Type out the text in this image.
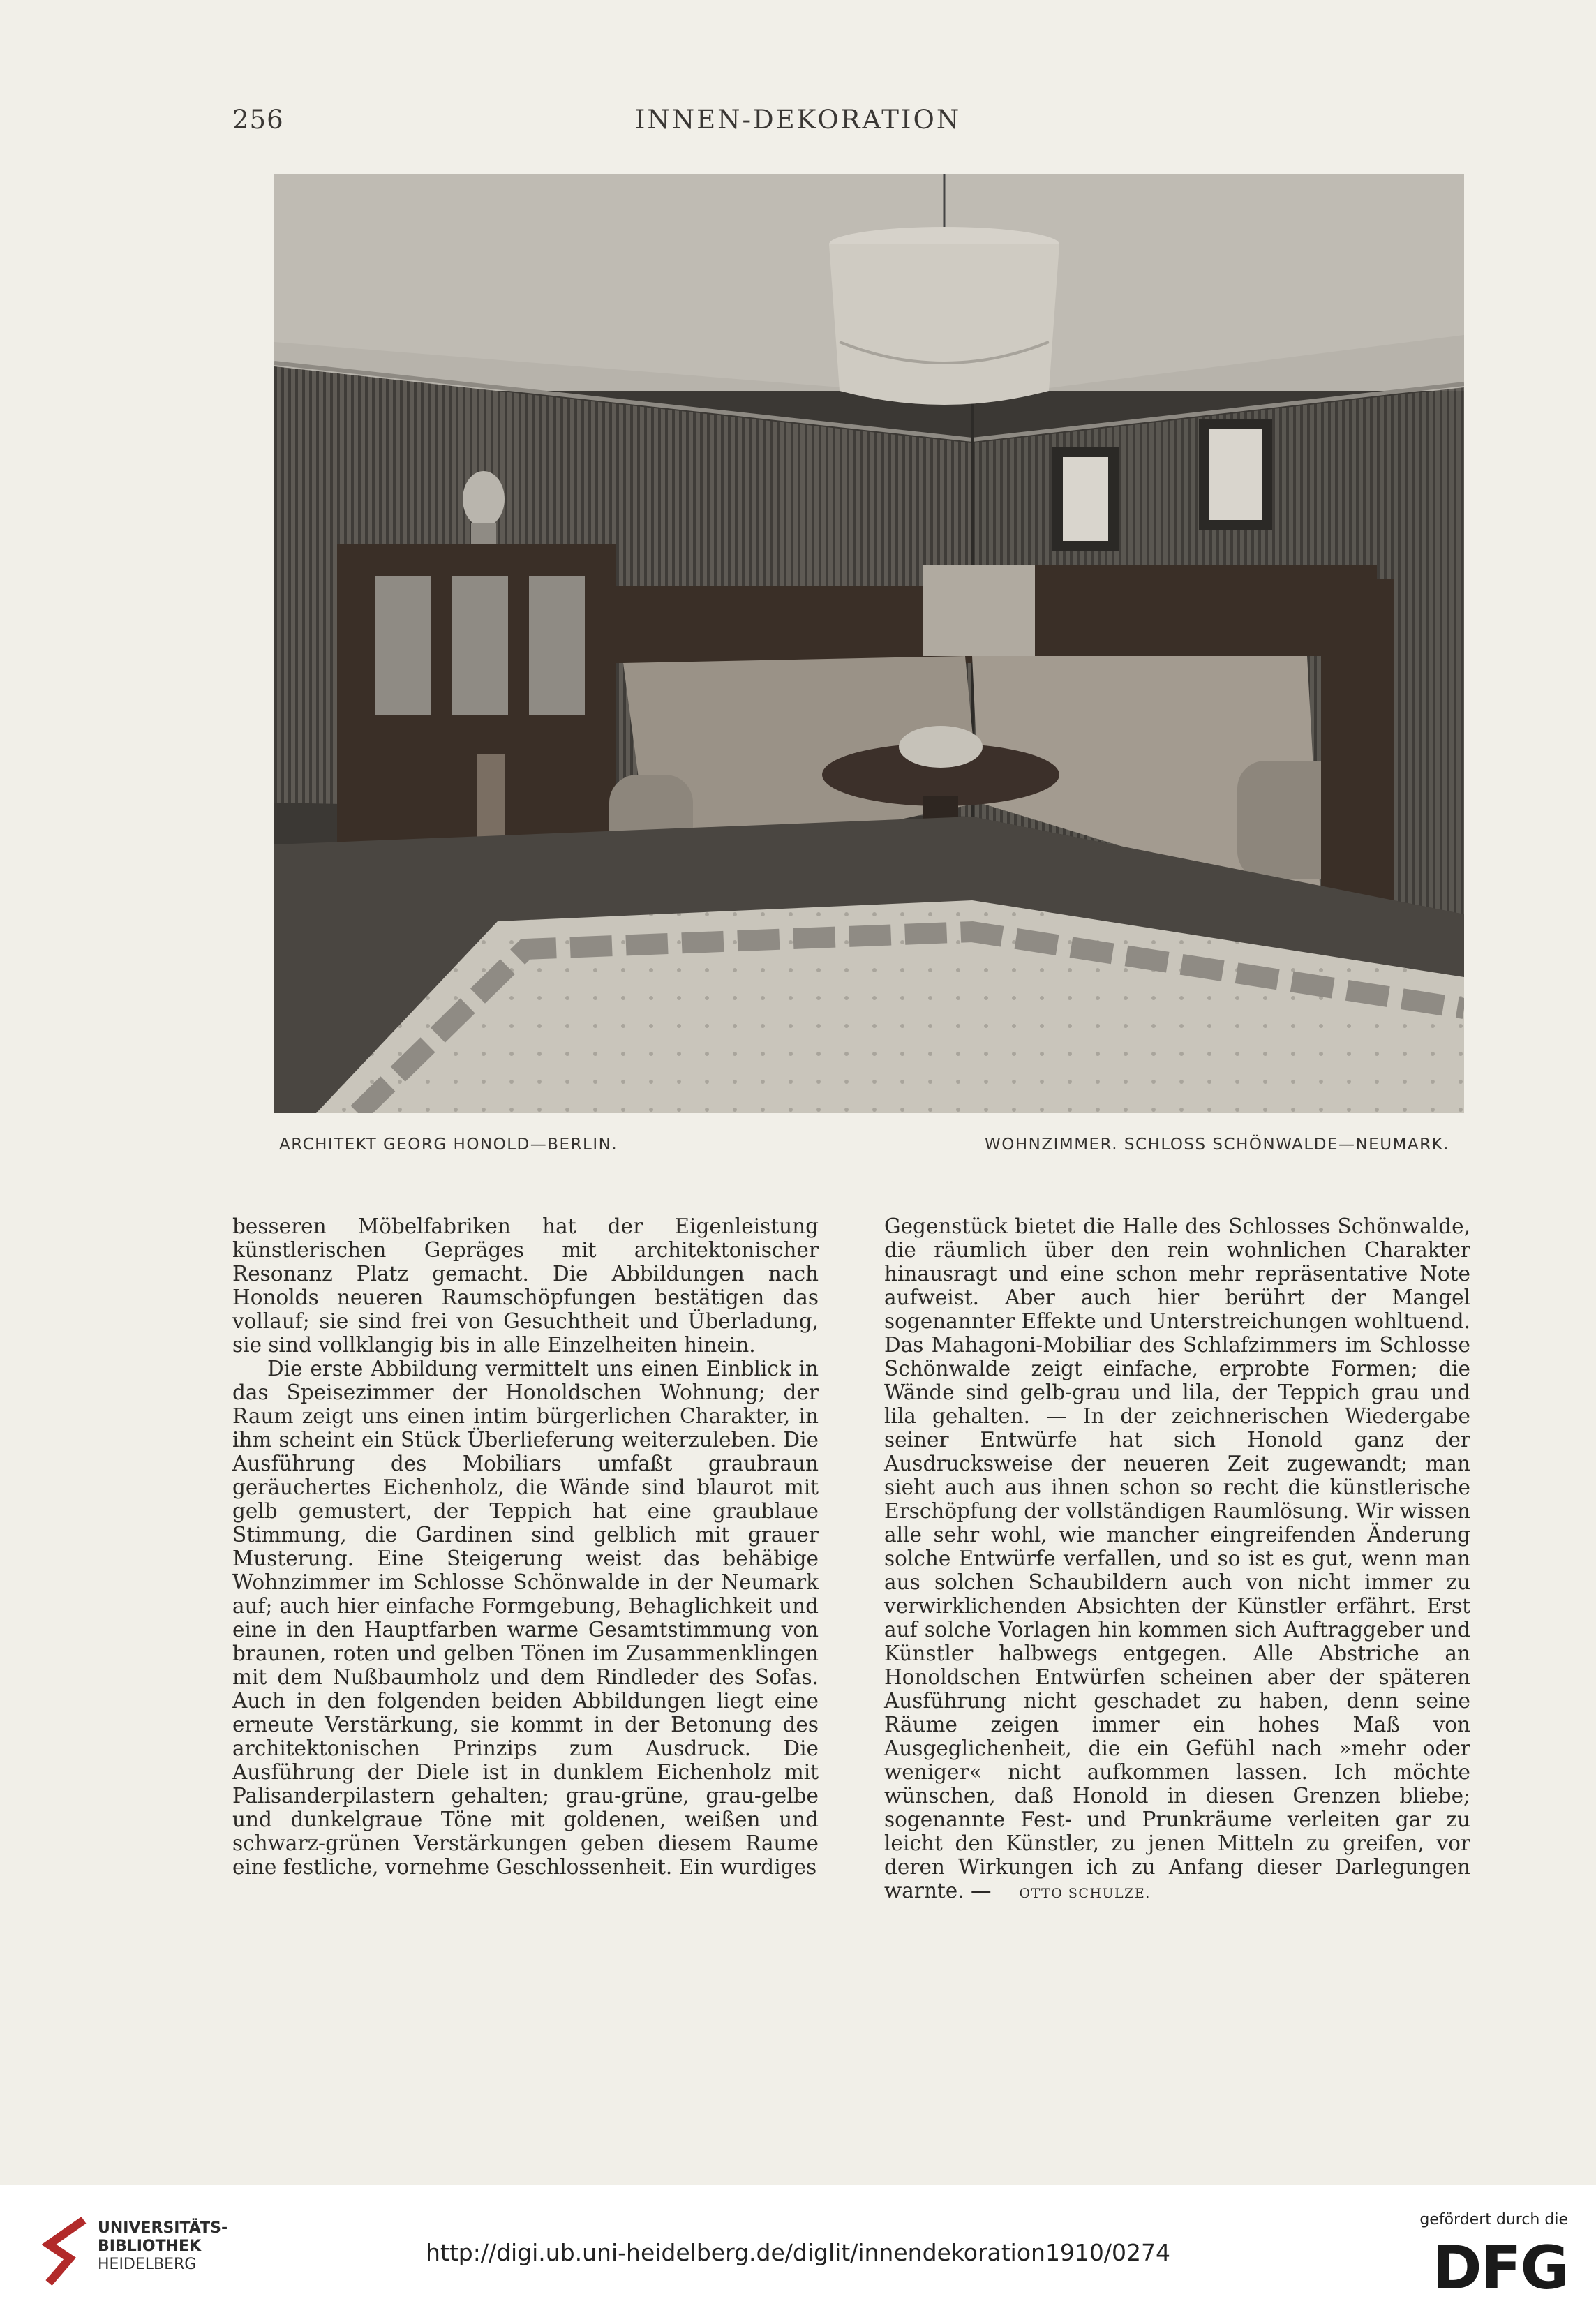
256	INNEN-DEKORATION
ARCHITEKT GEORG HONOLD—BERLIN.	WOHNZIMMER. SCHLOSS SCHÖNWALDE—NEUMARK.

besseren Möbelfabriken hat der Eigenleistung künstlerischen Gepräges mit architektonischer Resonanz Platz gemacht. Die Abbildungen nach Honolds neueren Raumschöpfungen bestätigen das vollauf; sie sind frei von Gesuchtheit und Überladung, sie sind vollklangig bis in alle Einzelheiten hinein.

Die erste Abbildung vermittelt uns einen Einblick in das Speisezimmer der Honoldschen Wohnung; der Raum zeigt uns einen intim bürgerlichen Charakter, in ihm scheint ein Stück Überlieferung weiterzuleben. Die Ausführung des Mobiliars umfaßt graubraun geräuchertes Eichenholz, die Wände sind blaurot mit gelb gemustert, der Teppich hat eine graublaue Stimmung, die Gardinen sind gelblich mit grauer Musterung. Eine Steigerung weist das behäbige Wohnzimmer im Schlosse Schönwalde in der Neumark auf; auch hier einfache Formgebung, Behaglichkeit und eine in den Hauptfarben warme Gesamtstimmung von braunen, roten und gelben Tönen im Zusammenklingen mit dem Nußbaumholz und dem Rindleder des Sofas. Auch in den folgenden beiden Abbildungen liegt eine erneute Verstärkung, sie kommt in der Betonung des architektonischen Prinzips zum Ausdruck. Die Ausführung der Diele ist in dunklem Eichenholz mit Palisanderpilastern gehalten; grau-grüne, grau-gelbe und dunkelgraue Töne mit goldenen, weißen und schwarz-grünen Verstärkungen geben diesem Raume eine festliche, vornehme Geschlossenheit. Ein wurdiges

Gegenstück bietet die Halle des Schlosses Schönwalde, die räumlich über den rein wohnlichen Charakter hinausragt und eine schon mehr repräsentative Note aufweist. Aber auch hier berührt der Mangel sogenannter Effekte und Unterstreichungen wohltuend. Das Mahagoni-Mobiliar des Schlafzimmers im Schlosse Schönwalde zeigt einfache, erprobte Formen; die Wände sind gelb-grau und lila, der Teppich grau und lila gehalten. — In der zeichnerischen Wiedergabe seiner Entwürfe hat sich Honold ganz der Ausdrucksweise der neueren Zeit zugewandt; man sieht auch aus ihnen schon so recht die künstlerische Erschöpfung der vollständigen Raumlösung. Wir wissen alle sehr wohl, wie mancher eingreifenden Änderung solche Entwürfe verfallen, und so ist es gut, wenn man aus solchen Schaubildern auch von nicht immer zu verwirklichenden Absichten der Künstler erfährt. Erst auf solche Vorlagen hin kommen sich Auftraggeber und Künstler halbwegs entgegen. Alle Abstriche an Honoldschen Entwürfen scheinen aber der späteren Ausführung nicht geschadet zu haben, denn seine Räume zeigen immer ein hohes Maß von Ausgeglichenheit, die ein Gefühl nach »mehr oder weniger« nicht aufkommen lassen. Ich möchte wünschen, daß Honold in diesen Grenzen bliebe; sogenannte Fest- und Prunkräume verleiten gar zu leicht den Künstler, zu jenen Mitteln zu greifen, vor deren Wirkungen ich zu Anfang dieser Darlegungen warnte. — OTTO SCHULZE.

UNIVERSITÄTS-
BIBLIOTHEK
HEIDELBERG	http://digi.ub.uni-heidelberg.de/diglit/innendekoration1910/0274
gefördert durch die
DFG
